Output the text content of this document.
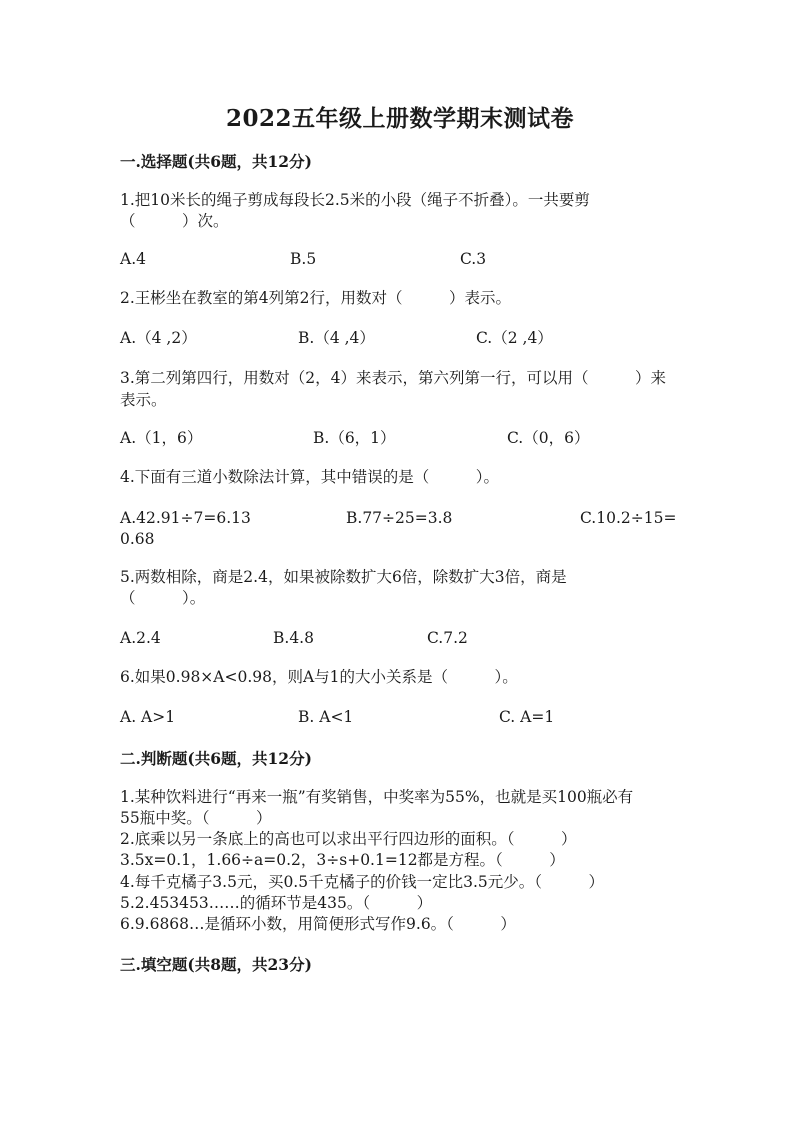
2022五年级上册数学期末测试卷
一.选择题(共6题，共12分)
1.把10米长的绳子剪成每段长2.5米的小段（绳子不折叠）。一共要剪
（　　　）次。
A.4	B.5	C.3
2.王彬坐在教室的第4列第2行，用数对（　　　）表示。
A.（4 ,2）	B.（4 ,4）	C.（2 ,4）
3.第二列第四行，用数对（2，4）来表示，第六列第一行，可以用（　　　）来
表示。
A.（1，6）	B.（6，1）	C.（0，6）
4.下面有三道小数除法计算，其中错误的是（　　　）。
A.42.91÷7=6.13	B.77÷25=3.8	C.10.2÷15=
0.68
5.两数相除，商是2.4，如果被除数扩大6倍，除数扩大3倍，商是
（　　　）。
A.2.4	B.4.8	C.7.2
6.如果0.98×A<0.98，则A与1的大小关系是（　　　）。
A. A>1	B. A<1	C. A=1
二.判断题(共6题，共12分)
1.某种饮料进行“再来一瓶”有奖销售，中奖率为55%，也就是买100瓶必有
55瓶中奖。（　　　）
2.底乘以另一条底上的高也可以求出平行四边形的面积。（　　　）
3.5x=0.1，1.66÷a=0.2，3÷s+0.1=12都是方程。（　　　）
4.每千克橘子3.5元，买0.5千克橘子的价钱一定比3.5元少。（　　　）
5.2.453453……的循环节是435。（　　　）
6.9.6868…是循环小数，用简便形式写作9.6。（　　　）
三.填空题(共8题，共23分)
